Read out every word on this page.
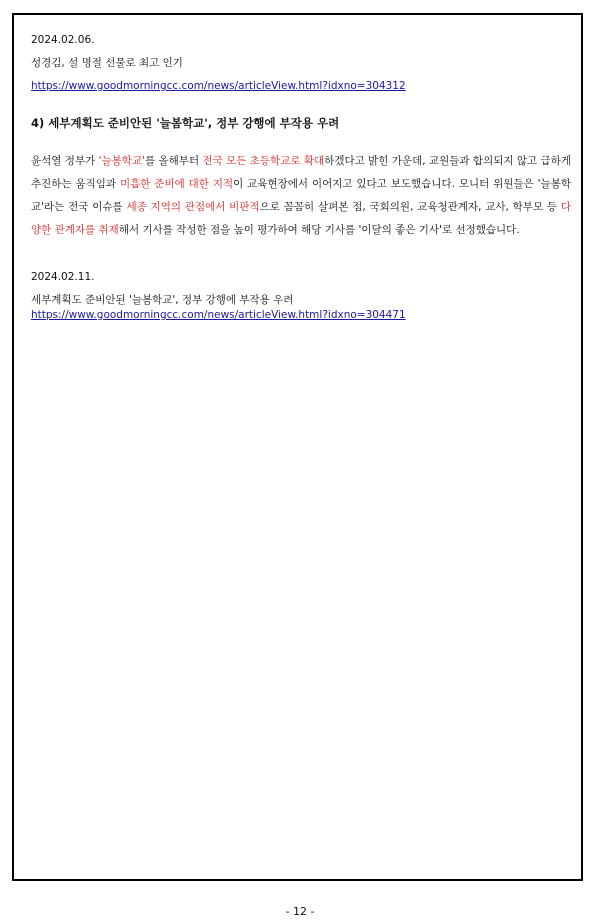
2024.02.06.

성경김, 설 명절 선물로 최고 인기

https://www.goodmorningcc.com/news/articleView.html?idxno=304312

4) 세부계획도 준비안된 '늘봄학교', 정부 강행에 부작용 우려

윤석열 정부가 '늘봄학교'를 올해부터 전국 모든 초등학교로 확대하겠다고 밝힌 가운데, 교원들과 합의되지 않고 급하게 추진하는 움직임과 미흡한 준비에 대한 지적이 교육현장에서 이어지고 있다고 보도했습니다. 모니터 위원들은 '늘봄학교'라는 전국 이슈를 세종 지역의 관점에서 비판적으로 꼼꼼히 살펴본 점, 국회의원, 교육청관계자, 교사, 학부모 등 다양한 관계자를 취재해서 기사를 작성한 점을 높이 평가하여 해당 기사를 '이달의 좋은 기사'로 선정했습니다.

2024.02.11.

세부계획도 준비안된 '늘봄학교', 정부 강행에 부작용 우려

https://www.goodmorningcc.com/news/articleView.html?idxno=304471

- 12 -
